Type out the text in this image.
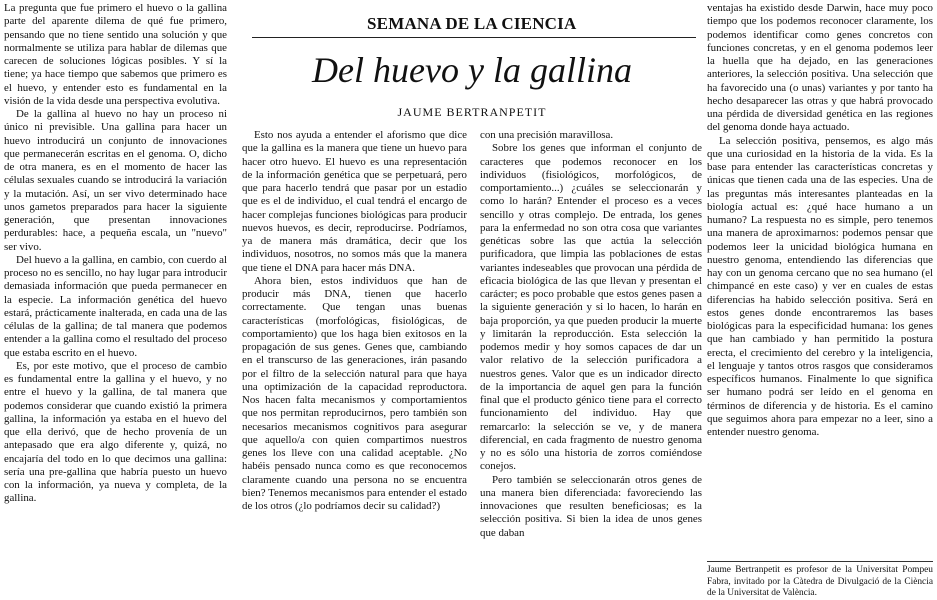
SEMANA DE LA CIENCIA
Del huevo y la gallina
JAUME BERTRANPETIT

La pregunta que fue primero el huevo o la gallina parte del aparente dilema de qué fue primero, pensando que no tiene sentido una solución y que normalmente se utiliza para hablar de dilemas que carecen de soluciones lógicas posibles. Y sí la tiene; ya hace tiempo que sabemos que primero es el huevo, y entender esto es fundamental en la visión de la vida desde una perspectiva evolutiva.

De la gallina al huevo no hay un proceso ni único ni previsible. Una gallina para hacer un huevo introducirá un conjunto de innovaciones que permanecerán escritas en el genoma. O, dicho de otra manera, es en el momento de hacer las células sexuales cuando se introducirá la variación y la mutación. Así, un ser vivo determinado hace unos gametos preparados para hacer la siguiente generación, que presentan innovaciones perdurables: hace, a pequeña escala, un "nuevo" ser vivo.

Del huevo a la gallina, en cambio, con cuerdo al proceso no es sencillo, no hay lugar para introducir demasiada información que pueda permanecer en la especie. La información genética del huevo estará, prácticamente inalterada, en cada una de las células de la gallina; de tal manera que podemos entender a la gallina como el resultado del proceso que estaba escrito en el huevo.

Es, por este motivo, que el proceso de cambio es fundamental entre la gallina y el huevo, y no entre el huevo y la gallina, de tal manera que podemos considerar que cuando existió la primera gallina, la información ya estaba en el huevo del que ella derivó, que de hecho provenía de un antepasado que era algo diferente y, quizá, no encajaría del todo en lo que decimos una gallina: sería una pre-gallina que habría puesto un huevo con la información, ya nueva y completa, de la gallina.

Esto nos ayuda a entender el aforismo que dice que la gallina es la manera que tiene un huevo para hacer otro huevo. El huevo es una representación de la información genética que se perpetuará, pero que para hacerlo tendrá que pasar por un estadio que es el de individuo, el cual tendrá el encargo de hacer complejas funciones biológicas para producir nuevos huevos, es decir, reproducirse. Podríamos, ya de manera más dramática, decir que los individuos, nosotros, no somos más que la manera que tiene el DNA para hacer más DNA.

Ahora bien, estos individuos que han de producir más DNA, tienen que hacerlo correctamente. Que tengan unas buenas características (morfológicas, fisiológicas, de comportamiento) que los haga bien exitosos en la propagación de sus genes. Genes que, cambiando en el transcurso de las generaciones, irán pasando por el filtro de la selección natural para que haya una optimización de la capacidad reproductora. Nos hacen falta mecanismos y comportamientos que nos permitan reproducirnos, pero también son necesarios mecanismos cognitivos para asegurar que aquello/a con quien compartimos nuestros genes los lleve con una calidad aceptable. ¿No habéis pensado nunca como es que reconocemos claramente cuando una persona no se encuentra bien? Tenemos mecanismos para entender el estado de los otros (¿lo podríamos decir su calidad?)

con una precisión maravillosa.

Sobre los genes que informan el conjunto de caracteres que podemos reconocer en los individuos (fisiológicos, morfológicos, de comportamiento...) ¿cuáles se seleccionarán y como lo harán? Entender el proceso es a veces sencillo y otras complejo. De entrada, los genes para la enfermedad no son otra cosa que variantes genéticas sobre las que actúa la selección purificadora, que limpia las poblaciones de estas variantes indeseables que provocan una pérdida de eficacia biológica de las que llevan y presentan el carácter; es poco probable que estos genes pasen a la siguiente generación y si lo hacen, lo harán en baja proporción, ya que pueden producir la muerte y limitarán la reproducción. Esta selección la podemos medir y hoy somos capaces de dar un valor relativo de la selección purificadora a nuestros genes. Valor que es un indicador directo de la importancia de aquel gen para la función final que el producto génico tiene para el correcto funcionamiento del individuo. Hay que remarcarlo: la selección se ve, y de manera diferencial, en cada fragmento de nuestro genoma y no es sólo una historia de zorros comiéndose conejos.

Pero también se seleccionarán otros genes de una manera bien diferenciada: favoreciendo las innovaciones que resulten beneficiosas; es la selección positiva. Si bien la idea de unos genes que daban

ventajas ha existido desde Darwin, hace muy poco tiempo que los podemos reconocer claramente, los podemos identificar como genes concretos con funciones concretas, y en el genoma podemos leer la huella que ha dejado, en las generaciones anteriores, la selección positiva. Una selección que ha favorecido una (o unas) variantes y por tanto ha hecho desaparecer las otras y que habrá provocado una pérdida de diversidad genética en las regiones del genoma donde haya actuado.

La selección positiva, pensemos, es algo más que una curiosidad en la historia de la vida. Es la base para entender las características concretas y únicas que tienen cada una de las especies. Una de las preguntas más interesantes planteadas en la biología actual es: ¿qué hace humano a un humano? La respuesta no es simple, pero tenemos una manera de aproximarnos: podemos pensar que podemos leer la unicidad biológica humana en nuestro genoma, entendiendo las diferencias que hay con un genoma cercano que no sea humano (el chimpancé en este caso) y ver en cuales de estas diferencias ha habido selección positiva. Será en estos genes donde encontraremos las bases biológicas para la especificidad humana: los genes que han cambiado y han permitido la postura erecta, el crecimiento del cerebro y la inteligencia, el lenguaje y tantos otros rasgos que consideramos específicos humanos. Finalmente lo que significa ser humano podrá ser leído en el genoma en términos de diferencia y de historia. Es el camino que seguimos ahora para empezar no a leer, sino a entender nuestro genoma.

Jaume Bertranpetit es profesor de la Universitat Pompeu Fabra, invitado por la Càtedra de Divulgació de la Ciència de la Universitat de València.
